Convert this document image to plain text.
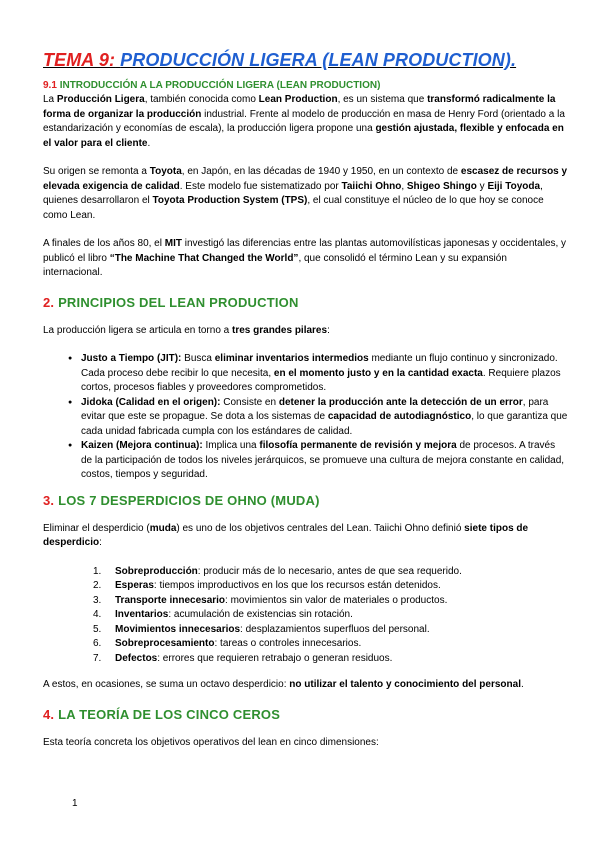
TEMA 9: PRODUCCIÓN LIGERA (LEAN PRODUCTION).
9.1 INTRODUCCIÓN A LA PRODUCCIÓN LIGERA (LEAN PRODUCTION)

La Producción Ligera, también conocida como Lean Production, es un sistema que transformó radicalmente la forma de organizar la producción industrial. Frente al modelo de producción en masa de Henry Ford (orientado a la estandarización y economías de escala), la producción ligera propone una gestión ajustada, flexible y enfocada en el valor para el cliente.

Su origen se remonta a Toyota, en Japón, en las décadas de 1940 y 1950, en un contexto de escasez de recursos y elevada exigencia de calidad. Este modelo fue sistematizado por Taiichi Ohno, Shigeo Shingo y Eiji Toyoda, quienes desarrollaron el Toyota Production System (TPS), el cual constituye el núcleo de lo que hoy se conoce como Lean.

A finales de los años 80, el MIT investigó las diferencias entre las plantas automovilísticas japonesas y occidentales, y publicó el libro “The Machine That Changed the World”, que consolidó el término Lean y su expansión internacional.

2. PRINCIPIOS DEL LEAN PRODUCTION

La producción ligera se articula en torno a tres grandes pilares:

● Justo a Tiempo (JIT): Busca eliminar inventarios intermedios mediante un flujo continuo y sincronizado. Cada proceso debe recibir lo que necesita, en el momento justo y en la cantidad exacta. Requiere plazos cortos, procesos fiables y proveedores comprometidos.
● Jidoka (Calidad en el origen): Consiste en detener la producción ante la detección de un error, para evitar que este se propague. Se dota a los sistemas de capacidad de autodiagnóstico, lo que garantiza que cada unidad fabricada cumpla con los estándares de calidad.
● Kaizen (Mejora continua): Implica una filosofía permanente de revisión y mejora de procesos. A través de la participación de todos los niveles jerárquicos, se promueve una cultura de mejora constante en calidad, costos, tiempos y seguridad.
3. LOS 7 DESPERDICIOS DE OHNO (MUDA)

Eliminar el desperdicio (muda) es uno de los objetivos centrales del Lean. Taiichi Ohno definió siete tipos de desperdicio:

1. Sobreproducción: producir más de lo necesario, antes de que sea requerido.
2. Esperas: tiempos improductivos en los que los recursos están detenidos.
3. Transporte innecesario: movimientos sin valor de materiales o productos.
4. Inventarios: acumulación de existencias sin rotación.
5. Movimientos innecesarios: desplazamientos superfluos del personal.
6. Sobreprocesamiento: tareas o controles innecesarios.
7. Defectos: errores que requieren retrabajo o generan residuos.

A estos, en ocasiones, se suma un octavo desperdicio: no utilizar el talento y conocimiento del personal.

4. LA TEORÍA DE LOS CINCO CEROS

Esta teoría concreta los objetivos operativos del lean en cinco dimensiones:

1
